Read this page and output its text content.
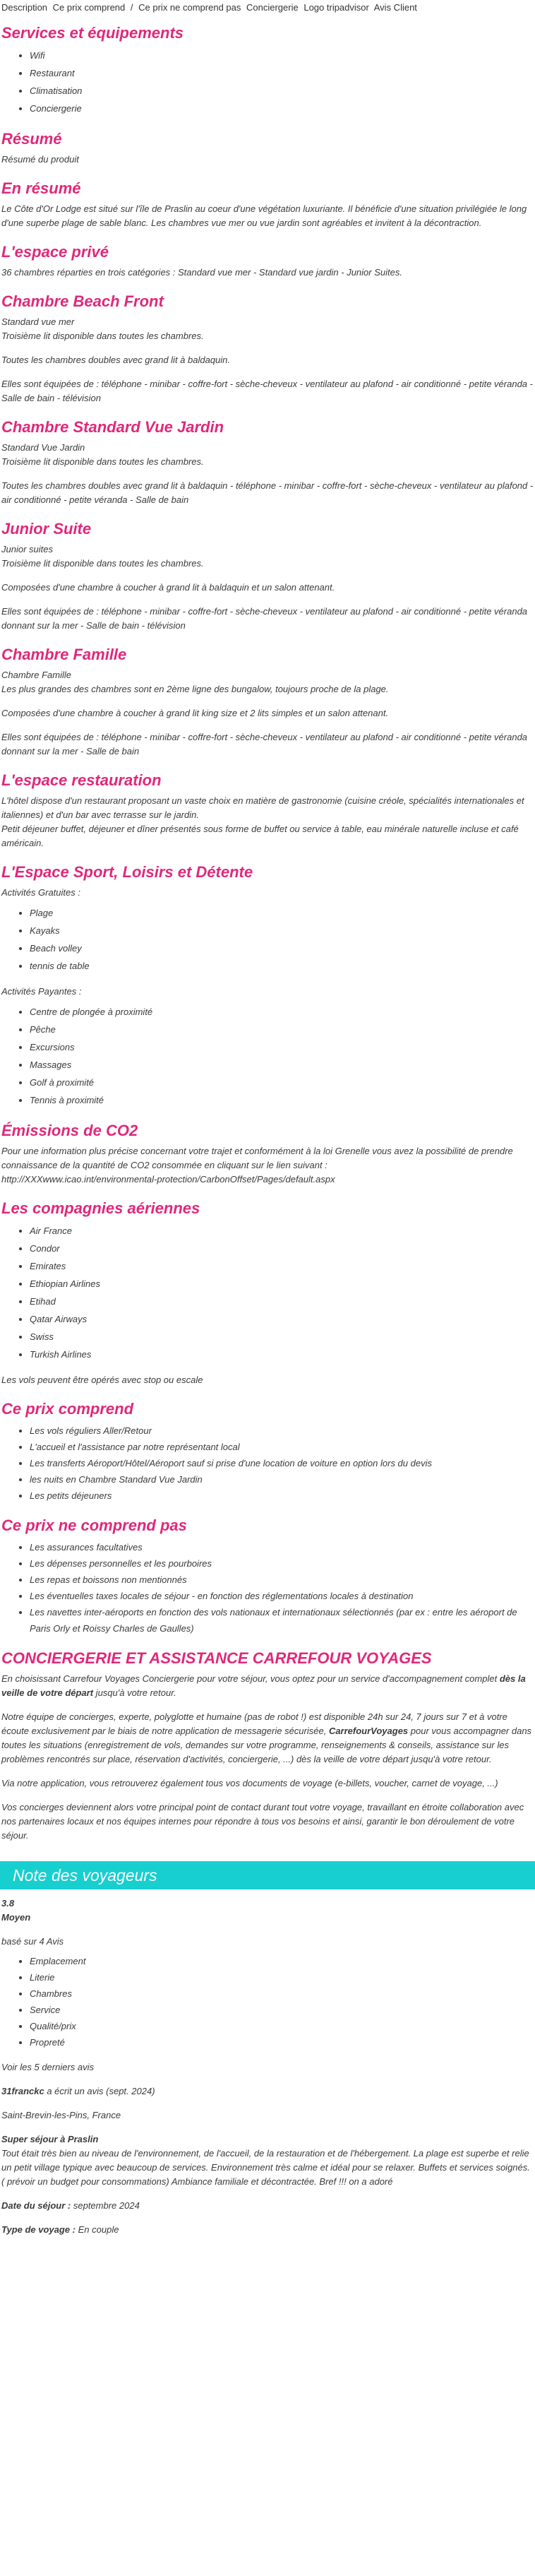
Description Ce prix comprend / Ce prix ne comprend pas Conciergerie Logo tripadvisor Avis Client
Services et équipements
• Wifi
• Restaurant
• Climatisation
• Conciergerie
Résumé

Résumé du produit

En résumé

Le Côte d'Or Lodge est situé sur l'île de Praslin au coeur d'une végétation luxuriante. Il bénéficie d'une situation privilégiée le long d'une superbe plage de sable blanc. Les chambres vue mer ou vue jardin sont agréables et invitent à la décontraction.

L'espace privé

36 chambres réparties en trois catégories : Standard vue mer - Standard vue jardin - Junior Suites.

Chambre Beach Front

Standard vue mer

Troisième lit disponible dans toutes les chambres.

Toutes les chambres doubles avec grand lit à baldaquin.

Elles sont équipées de : téléphone - minibar - coffre-fort - sèche-cheveux - ventilateur au plafond - air conditionné - petite véranda - Salle de bain - télévision

Chambre Standard Vue Jardin

Standard Vue Jardin

Troisième lit disponible dans toutes les chambres.

Toutes les chambres doubles avec grand lit à baldaquin - téléphone - minibar - coffre-fort - sèche-cheveux - ventilateur au plafond - air conditionné - petite véranda - Salle de bain

Junior Suite

Junior suites

Troisième lit disponible dans toutes les chambres.

Composées d'une chambre à coucher à grand lit à baldaquin et un salon attenant.

Elles sont équipées de : téléphone - minibar - coffre-fort - sèche-cheveux - ventilateur au plafond - air conditionné - petite véranda donnant sur la mer - Salle de bain - télévision

Chambre Famille

Chambre Famille

Les plus grandes des chambres sont en 2ème ligne des bungalow, toujours proche de la plage.

Composées d'une chambre à coucher à grand lit king size et 2 lits simples et un salon attenant.

Elles sont équipées de : téléphone - minibar - coffre-fort - sèche-cheveux - ventilateur au plafond - air conditionné - petite véranda donnant sur la mer - Salle de bain

L'espace restauration

L'hôtel dispose d'un restaurant proposant un vaste choix en matière de gastronomie (cuisine créole, spécialités internationales et italiennes) et d'un bar avec terrasse sur le jardin.

Petit déjeuner buffet, déjeuner et dîner présentés sous forme de buffet ou service à table, eau minérale naturelle incluse et café américain.

L'Espace Sport, Loisirs et Détente

Activités Gratuites :

• Plage
• Kayaks
• Beach volley
• tennis de table

Activités Payantes :

• Centre de plongée à proximité
• Pêche
• Excursions
• Massages
• Golf à proximité
• Tennis à proximité
Émissions de CO2

Pour une information plus précise concernant votre trajet et conformément à la loi Grenelle vous avez la possibilité de prendre connaissance de la quantité de CO2 consommée en cliquant sur le lien suivant :

http://XXXwww.icao.int/environmental-protection/CarbonOffset/Pages/default.aspx

Les compagnies aériennes
• Air France
• Condor
• Emirates
• Ethiopian Airlines
• Etihad
• Qatar Airways
• Swiss
• Turkish Airlines

Les vols peuvent être opérés avec stop ou escale

Ce prix comprend
• Les vols réguliers Aller/Retour
• L'accueil et l'assistance par notre représentant local
• Les transferts Aéroport/Hôtel/Aéroport sauf si prise d'une location de voiture en option lors du devis
• les nuits en Chambre Standard Vue Jardin
• Les petits déjeuners
Ce prix ne comprend pas
• Les assurances facultatives
• Les dépenses personnelles et les pourboires
• Les repas et boissons non mentionnés
• Les éventuelles taxes locales de séjour - en fonction des réglementations locales à destination
• Les navettes inter-aéroports en fonction des vols nationaux et internationaux sélectionnés (par ex : entre les aéroport de Paris Orly et Roissy Charles de Gaulles)
CONCIERGERIE ET ASSISTANCE CARREFOUR VOYAGES

En choisissant Carrefour Voyages Conciergerie pour votre séjour, vous optez pour un service d'accompagnement complet dès la veille de votre départ jusqu'à votre retour.

Notre équipe de concierges, experte, polyglotte et humaine (pas de robot !) est disponible 24h sur 24, 7 jours sur 7 et à votre écoute exclusivement par le biais de notre application de messagerie sécurisée, CarrefourVoyages pour vous accompagner dans toutes les situations (enregistrement de vols, demandes sur votre programme, renseignements & conseils, assistance sur les problèmes rencontrés sur place, réservation d'activités, conciergerie, ...) dès la veille de votre départ jusqu'à votre retour.

Via notre application, vous retrouverez également tous vos documents de voyage (e-billets, voucher, carnet de voyage, ...)

Vos concierges deviennent alors votre principal point de contact durant tout votre voyage, travaillant en étroite collaboration avec nos partenaires locaux et nos équipes internes pour répondre à tous vos besoins et ainsi, garantir le bon déroulement de votre séjour.

Note des voyageurs

3.8

Moyen

basé sur 4 Avis

• Emplacement
• Literie
• Chambres
• Service
• Qualité/prix
• Propreté

Voir les 5 derniers avis

31franckc a écrit un avis (sept. 2024)

Saint-Brevin-les-Pins, France

Super séjour à Praslin

Tout était très bien au niveau de l'environnement, de l'accueil, de la restauration et de l'hébergement. La plage est superbe et relie un petit village typique avec beaucoup de services. Environnement très calme et idéal pour se relaxer. Buffets et services soignés. ( prévoir un budget pour consommations) Ambiance familiale et décontractée. Bref !!! on a adoré

Date du séjour : septembre 2024

Type de voyage : En couple
